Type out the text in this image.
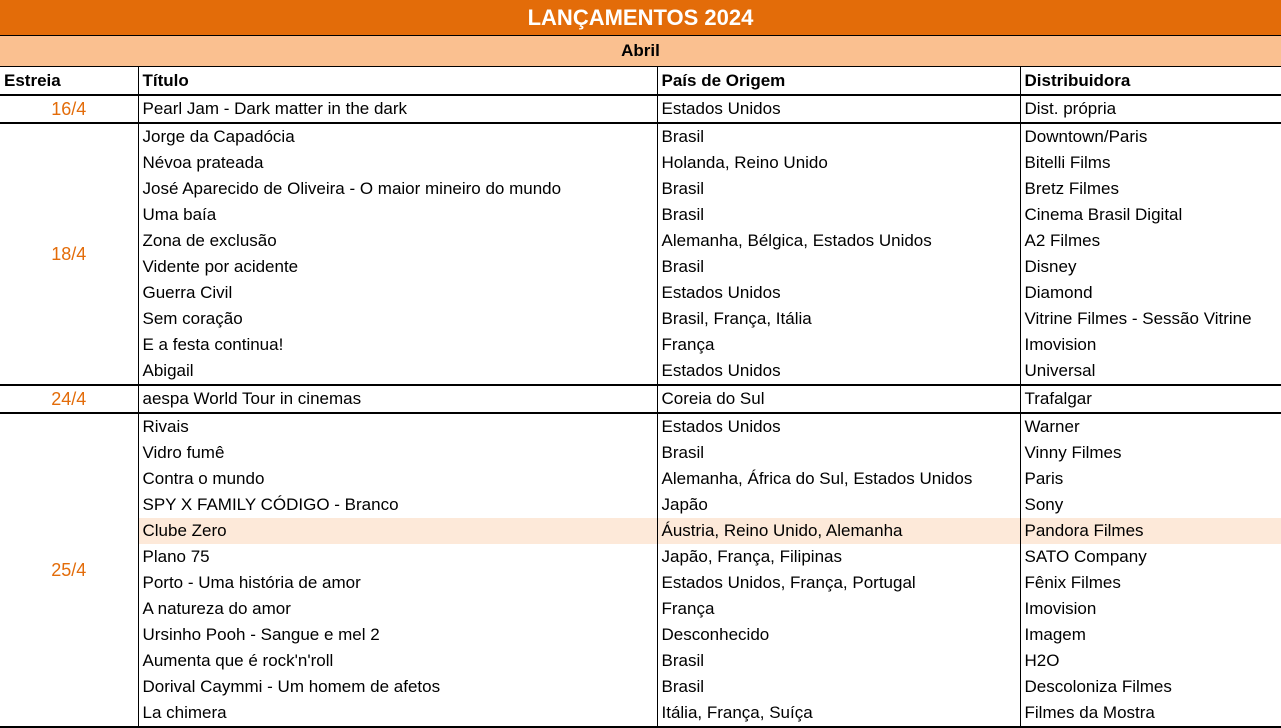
LANÇAMENTOS 2024
Abril
Estreia	Título	País de Origem	Distribuidora
16/4	Pearl Jam - Dark matter in the dark	Estados Unidos	Dist. própria
18/4	Jorge da Capadócia	Brasil	Downtown/Paris
	Névoa prateada	Holanda, Reino Unido	Bitelli Films
	José Aparecido de Oliveira - O maior mineiro do mundo	Brasil	Bretz Filmes
	Uma baía	Brasil	Cinema Brasil Digital
	Zona de exclusão	Alemanha, Bélgica, Estados Unidos	A2 Filmes
	Vidente por acidente	Brasil	Disney
	Guerra Civil	Estados Unidos	Diamond
	Sem coração	Brasil, França, Itália	Vitrine Filmes - Sessão Vitrine
	E a festa continua!	França	Imovision
	Abigail	Estados Unidos	Universal
24/4	aespa World Tour in cinemas	Coreia do Sul	Trafalgar
25/4	Rivais	Estados Unidos	Warner
	Vidro fumê	Brasil	Vinny Filmes
	Contra o mundo	Alemanha, África do Sul, Estados Unidos	Paris
	SPY X FAMILY CÓDIGO - Branco	Japão	Sony
	Clube Zero	Áustria, Reino Unido, Alemanha	Pandora Filmes
	Plano 75	Japão, França, Filipinas	SATO Company
	Porto - Uma história de amor	Estados Unidos, França, Portugal	Fênix Filmes
	A natureza do amor	França	Imovision
	Ursinho Pooh - Sangue e mel 2	Desconhecido	Imagem
	Aumenta que é rock'n'roll	Brasil	H2O
	Dorival Caymmi - Um homem de afetos	Brasil	Descoloniza Filmes
	La chimera	Itália, França, Suíça	Filmes da Mostra
